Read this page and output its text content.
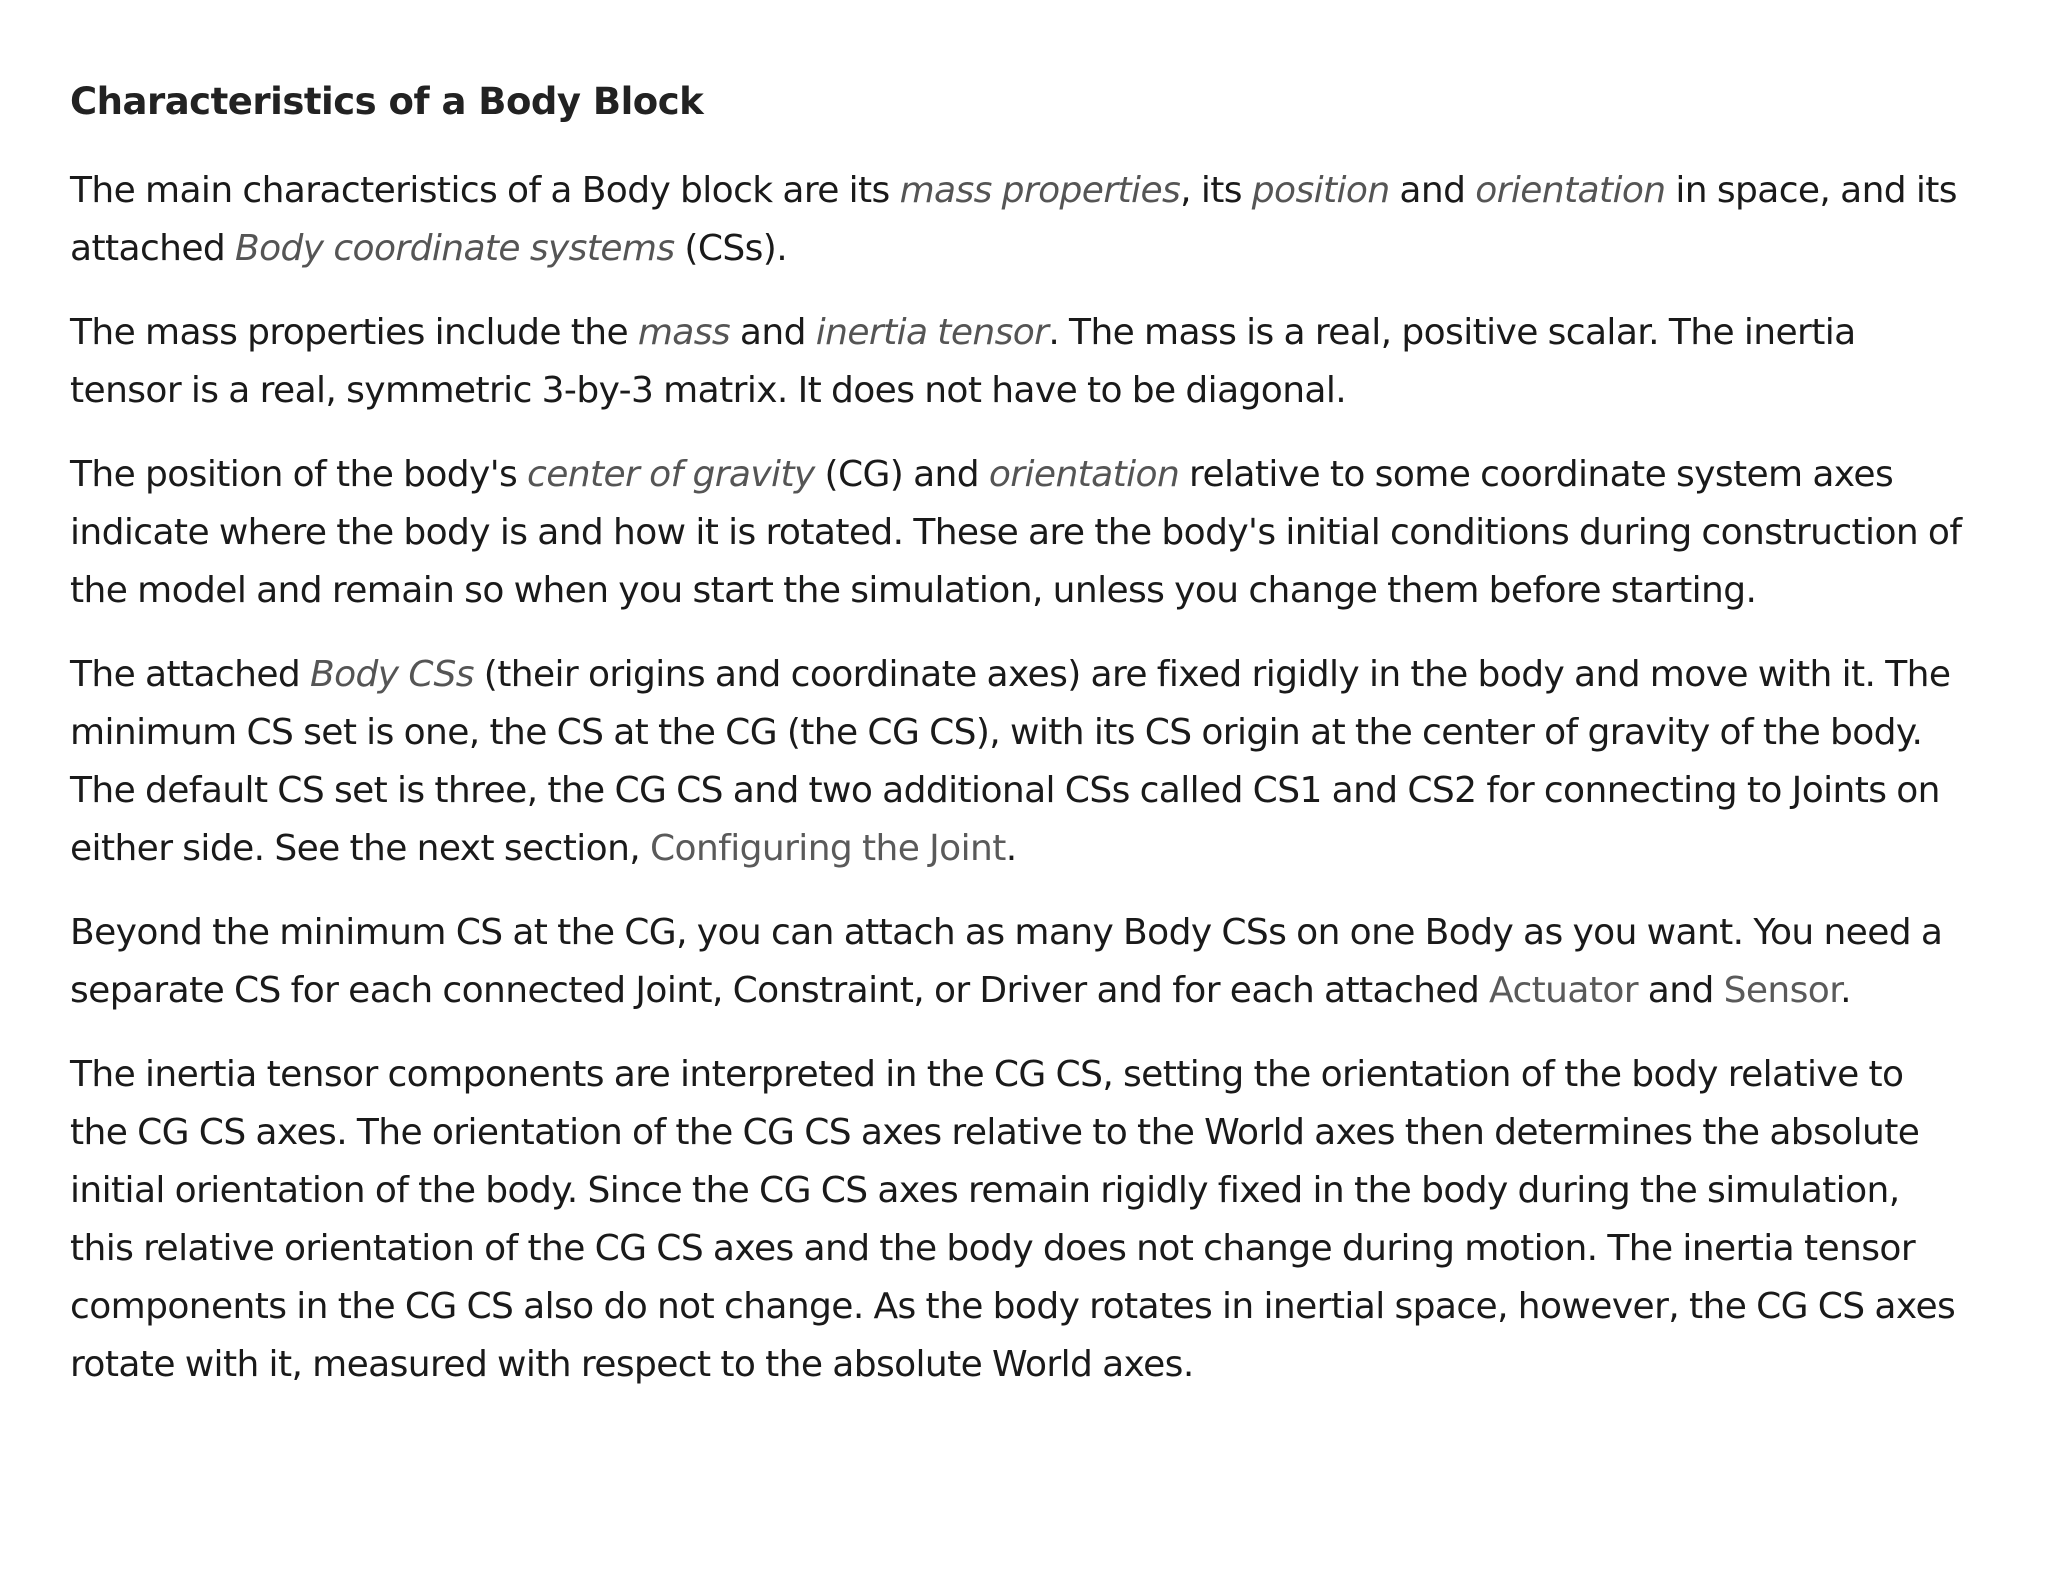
Characteristics of a Body Block

The main characteristics of a Body block are its mass properties, its position and orientation in space, and its attached Body coordinate systems (CSs).

The mass properties include the mass and inertia tensor. The mass is a real, positive scalar. The inertia tensor is a real, symmetric 3-by-3 matrix. It does not have to be diagonal.

The position of the body's center of gravity (CG) and orientation relative to some coordinate system axes indicate where the body is and how it is rotated. These are the body's initial conditions during construction of the model and remain so when you start the simulation, unless you change them before starting.

The attached Body CSs (their origins and coordinate axes) are fixed rigidly in the body and move with it. The minimum CS set is one, the CS at the CG (the CG CS), with its CS origin at the center of gravity of the body. The default CS set is three, the CG CS and two additional CSs called CS1 and CS2 for connecting to Joints on either side. See the next section, Configuring the Joint.

Beyond the minimum CS at the CG, you can attach as many Body CSs on one Body as you want. You need a separate CS for each connected Joint, Constraint, or Driver and for each attached Actuator and Sensor.

The inertia tensor components are interpreted in the CG CS, setting the orientation of the body relative to the CG CS axes. The orientation of the CG CS axes relative to the World axes then determines the absolute initial orientation of the body. Since the CG CS axes remain rigidly fixed in the body during the simulation, this relative orientation of the CG CS axes and the body does not change during motion. The inertia tensor components in the CG CS also do not change. As the body rotates in inertial space, however, the CG CS axes rotate with it, measured with respect to the absolute World axes.
